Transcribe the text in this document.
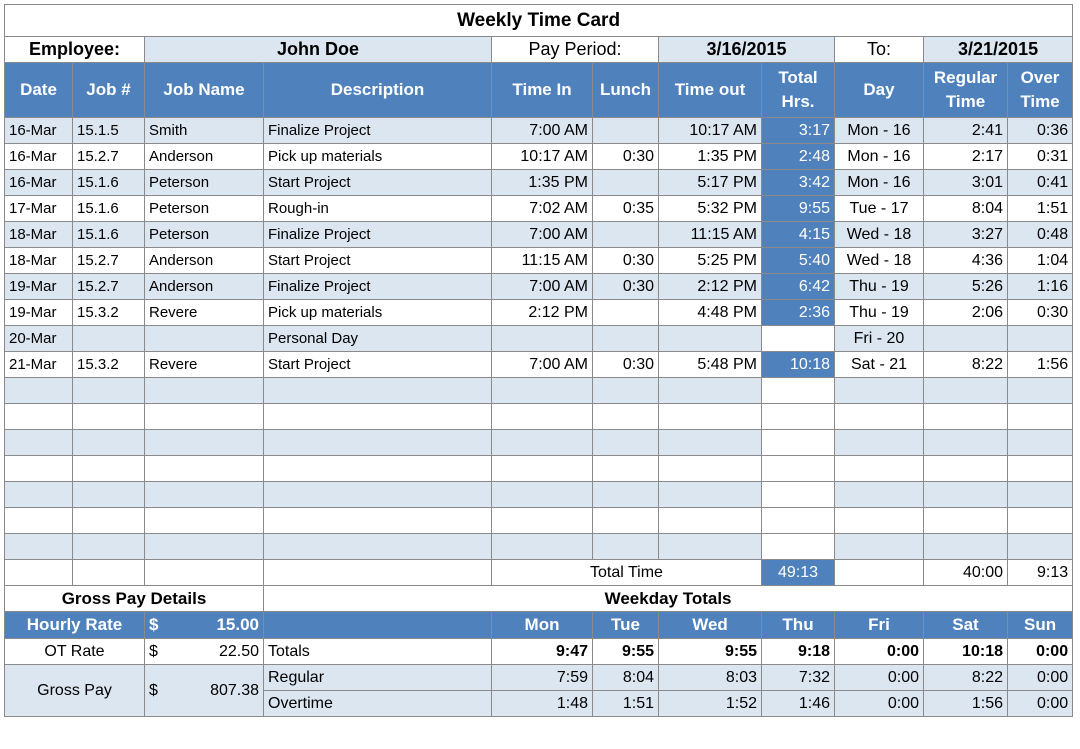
Weekly Time Card										
Employee:		John Doe		Pay Period:		3/16/2015		To:	3/21/2015	
Date	Job #	Job Name	Description	Time In	Lunch	Time out	Total Hrs.	Day	Regular Time	Over Time
16-Mar	15.1.5	Smith	Finalize Project	7:00 AM		10:17 AM	3:17	Mon - 16	2:41	0:36
16-Mar	15.2.7	Anderson	Pick up materials	10:17 AM	0:30	1:35 PM	2:48	Mon - 16	2:17	0:31
16-Mar	15.1.6	Peterson	Start Project	1:35 PM		5:17 PM	3:42	Mon - 16	3:01	0:41
17-Mar	15.1.6	Peterson	Rough-in	7:02 AM	0:35	5:32 PM	9:55	Tue - 17	8:04	1:51
18-Mar	15.1.6	Peterson	Finalize Project	7:00 AM		11:15 AM	4:15	Wed - 18	3:27	0:48
18-Mar	15.2.7	Anderson	Start Project	11:15 AM	0:30	5:25 PM	5:40	Wed - 18	4:36	1:04
19-Mar	15.2.7	Anderson	Finalize Project	7:00 AM	0:30	2:12 PM	6:42	Thu - 19	5:26	1:16
19-Mar	15.3.2	Revere	Pick up materials	2:12 PM		4:48 PM	2:36	Thu - 19	2:06	0:30
20-Mar			Personal Day					Fri - 20		
21-Mar	15.3.2	Revere	Start Project	7:00 AM	0:30	5:48 PM	10:18	Sat - 21	8:22	1:56

				Total Time			49:13		40:00	9:13
Gross Pay Details			Weekday Totals							
Hourly Rate		$ 15.00		Mon	Tue	Wed	Thu	Fri	Sat	Sun
OT Rate		$ 22.50	Totals	9:47	9:55	9:55	9:18	0:00	10:18	0:00
Gross Pay		$ 807.38	Regular	7:59	8:04	8:03	7:32	0:00	8:22	0:00
			Overtime	1:48	1:51	1:52	1:46	0:00	1:56	0:00
